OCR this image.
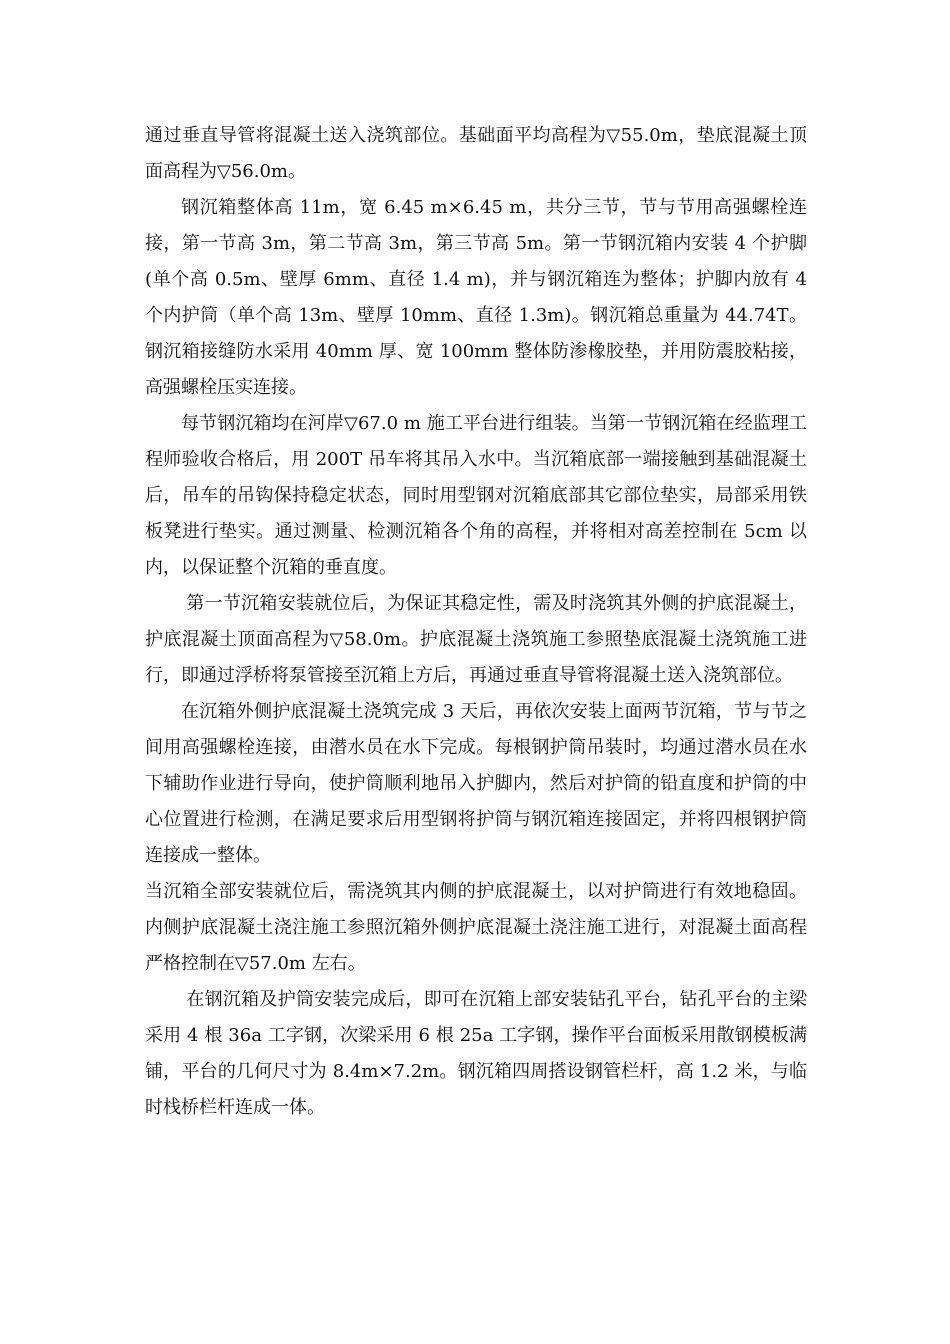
通过垂直导管将混凝土送入浇筑部位。基础面平均高程为▽55.0m，垫底混凝土顶面高程为▽56.0m。

钢沉箱整体高 11m，宽 6.45 m×6.45 m，共分三节，节与节用高强螺栓连接，第一节高 3m，第二节高 3m，第三节高 5m。第一节钢沉箱内安装 4 个护脚(单个高 0.5m、壁厚 6mm、直径 1.4 m)，并与钢沉箱连为整体；护脚内放有 4 个内护筒（单个高 13m、壁厚 10mm、直径 1.3m)。钢沉箱总重量为 44.74T。钢沉箱接缝防水采用 40mm 厚、宽 100mm 整体防渗橡胶垫，并用防震胶粘接，高强螺栓压实连接。

每节钢沉箱均在河岸▽67.0 m 施工平台进行组装。当第一节钢沉箱在经监理工程师验收合格后，用 200T 吊车将其吊入水中。当沉箱底部一端接触到基础混凝土后，吊车的吊钩保持稳定状态，同时用型钢对沉箱底部其它部位垫实，局部采用铁板凳进行垫实。通过测量、检测沉箱各个角的高程，并将相对高差控制在 5cm 以内，以保证整个沉箱的垂直度。

第一节沉箱安装就位后，为保证其稳定性，需及时浇筑其外侧的护底混凝土，护底混凝土顶面高程为▽58.0m。护底混凝土浇筑施工参照垫底混凝土浇筑施工进行，即通过浮桥将泵管接至沉箱上方后，再通过垂直导管将混凝土送入浇筑部位。

在沉箱外侧护底混凝土浇筑完成 3 天后，再依次安装上面两节沉箱，节与节之间用高强螺栓连接，由潜水员在水下完成。每根钢护筒吊装时，均通过潜水员在水下辅助作业进行导向，使护筒顺利地吊入护脚内，然后对护筒的铅直度和护筒的中心位置进行检测，在满足要求后用型钢将护筒与钢沉箱连接固定，并将四根钢护筒连接成一整体。

当沉箱全部安装就位后，需浇筑其内侧的护底混凝土，以对护筒进行有效地稳固。内侧护底混凝土浇注施工参照沉箱外侧护底混凝土浇注施工进行，对混凝土面高程严格控制在▽57.0m 左右。

在钢沉箱及护筒安装完成后，即可在沉箱上部安装钻孔平台，钻孔平台的主梁采用 4 根 36a 工字钢，次梁采用 6 根 25a 工字钢，操作平台面板采用散钢模板满铺，平台的几何尺寸为 8.4m×7.2m。钢沉箱四周搭设钢管栏杆，高 1.2 米，与临时栈桥栏杆连成一体。
